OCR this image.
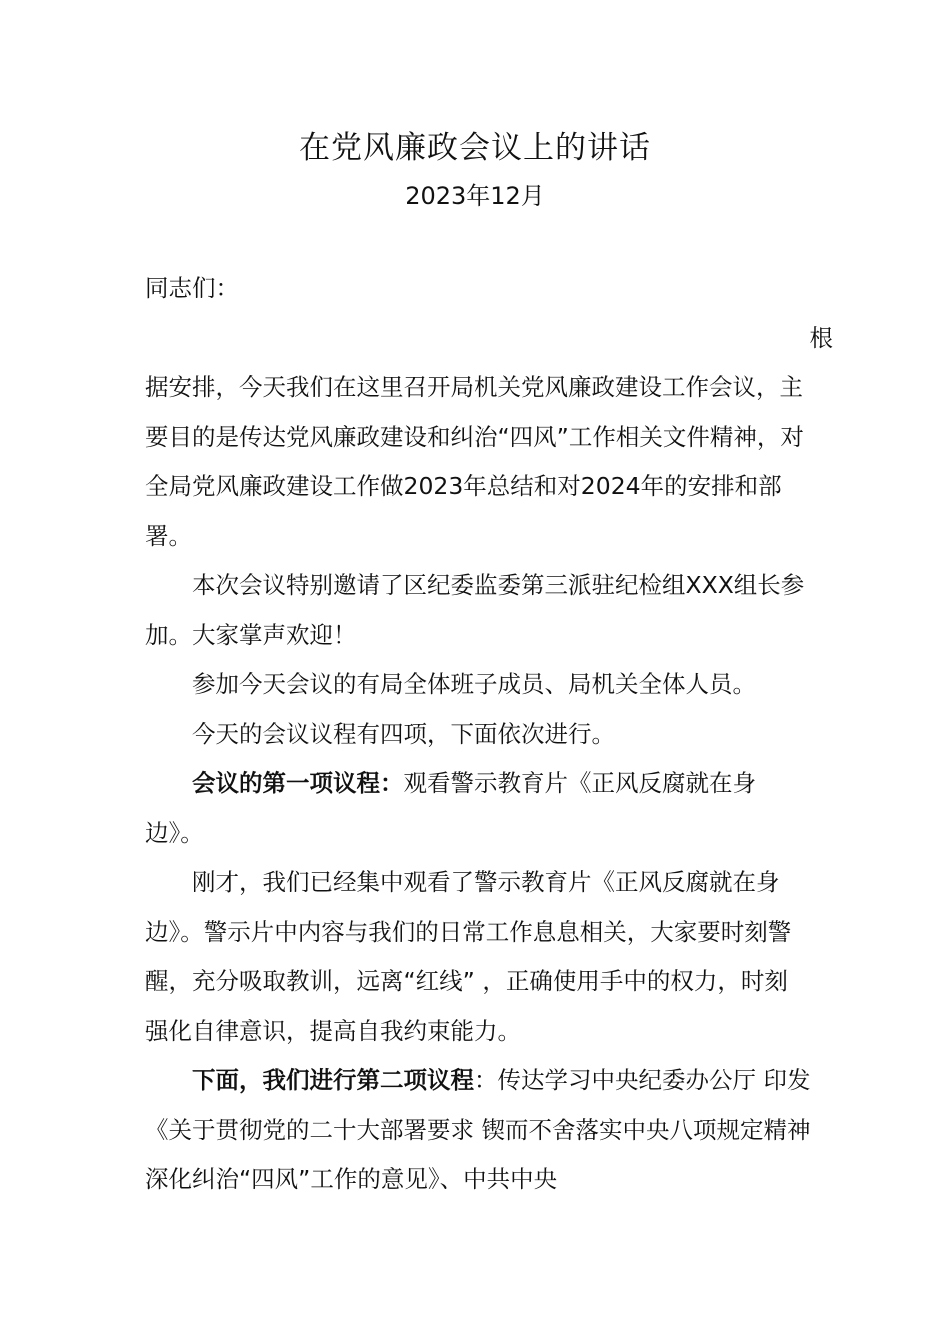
在党风廉政会议上的讲话
2023年12月

同志们：

根

据安排，今天我们在这里召开局机关党风廉政建设工作会议，主要目的是传达党风廉政建设和纠治“四风”工作相关文件精神，对全局党风廉政建设工作做2023年总结和对2024年的安排和部署。

本次会议特别邀请了区纪委监委第三派驻纪检组XXX组长参加。大家掌声欢迎！

参加今天会议的有局全体班子成员、局机关全体人员。

今天的会议议程有四项，下面依次进行。

会议的第一项议程：观看警示教育片《正风反腐就在身边》。

刚才，我们已经集中观看了警示教育片《正风反腐就在身边》。警示片中内容与我们的日常工作息息相关，大家要时刻警醒，充分吸取教训，远离“红线” ，正确使用手中的权力，时刻强化自律意识，提高自我约束能力。

下面，我们进行第二项议程：传达学习中央纪委办公厅 印发《关于贯彻党的二十大部署要求 锲而不舍落实中央八项规定精神深化纠治“四风”工作的意见》、中共中央
